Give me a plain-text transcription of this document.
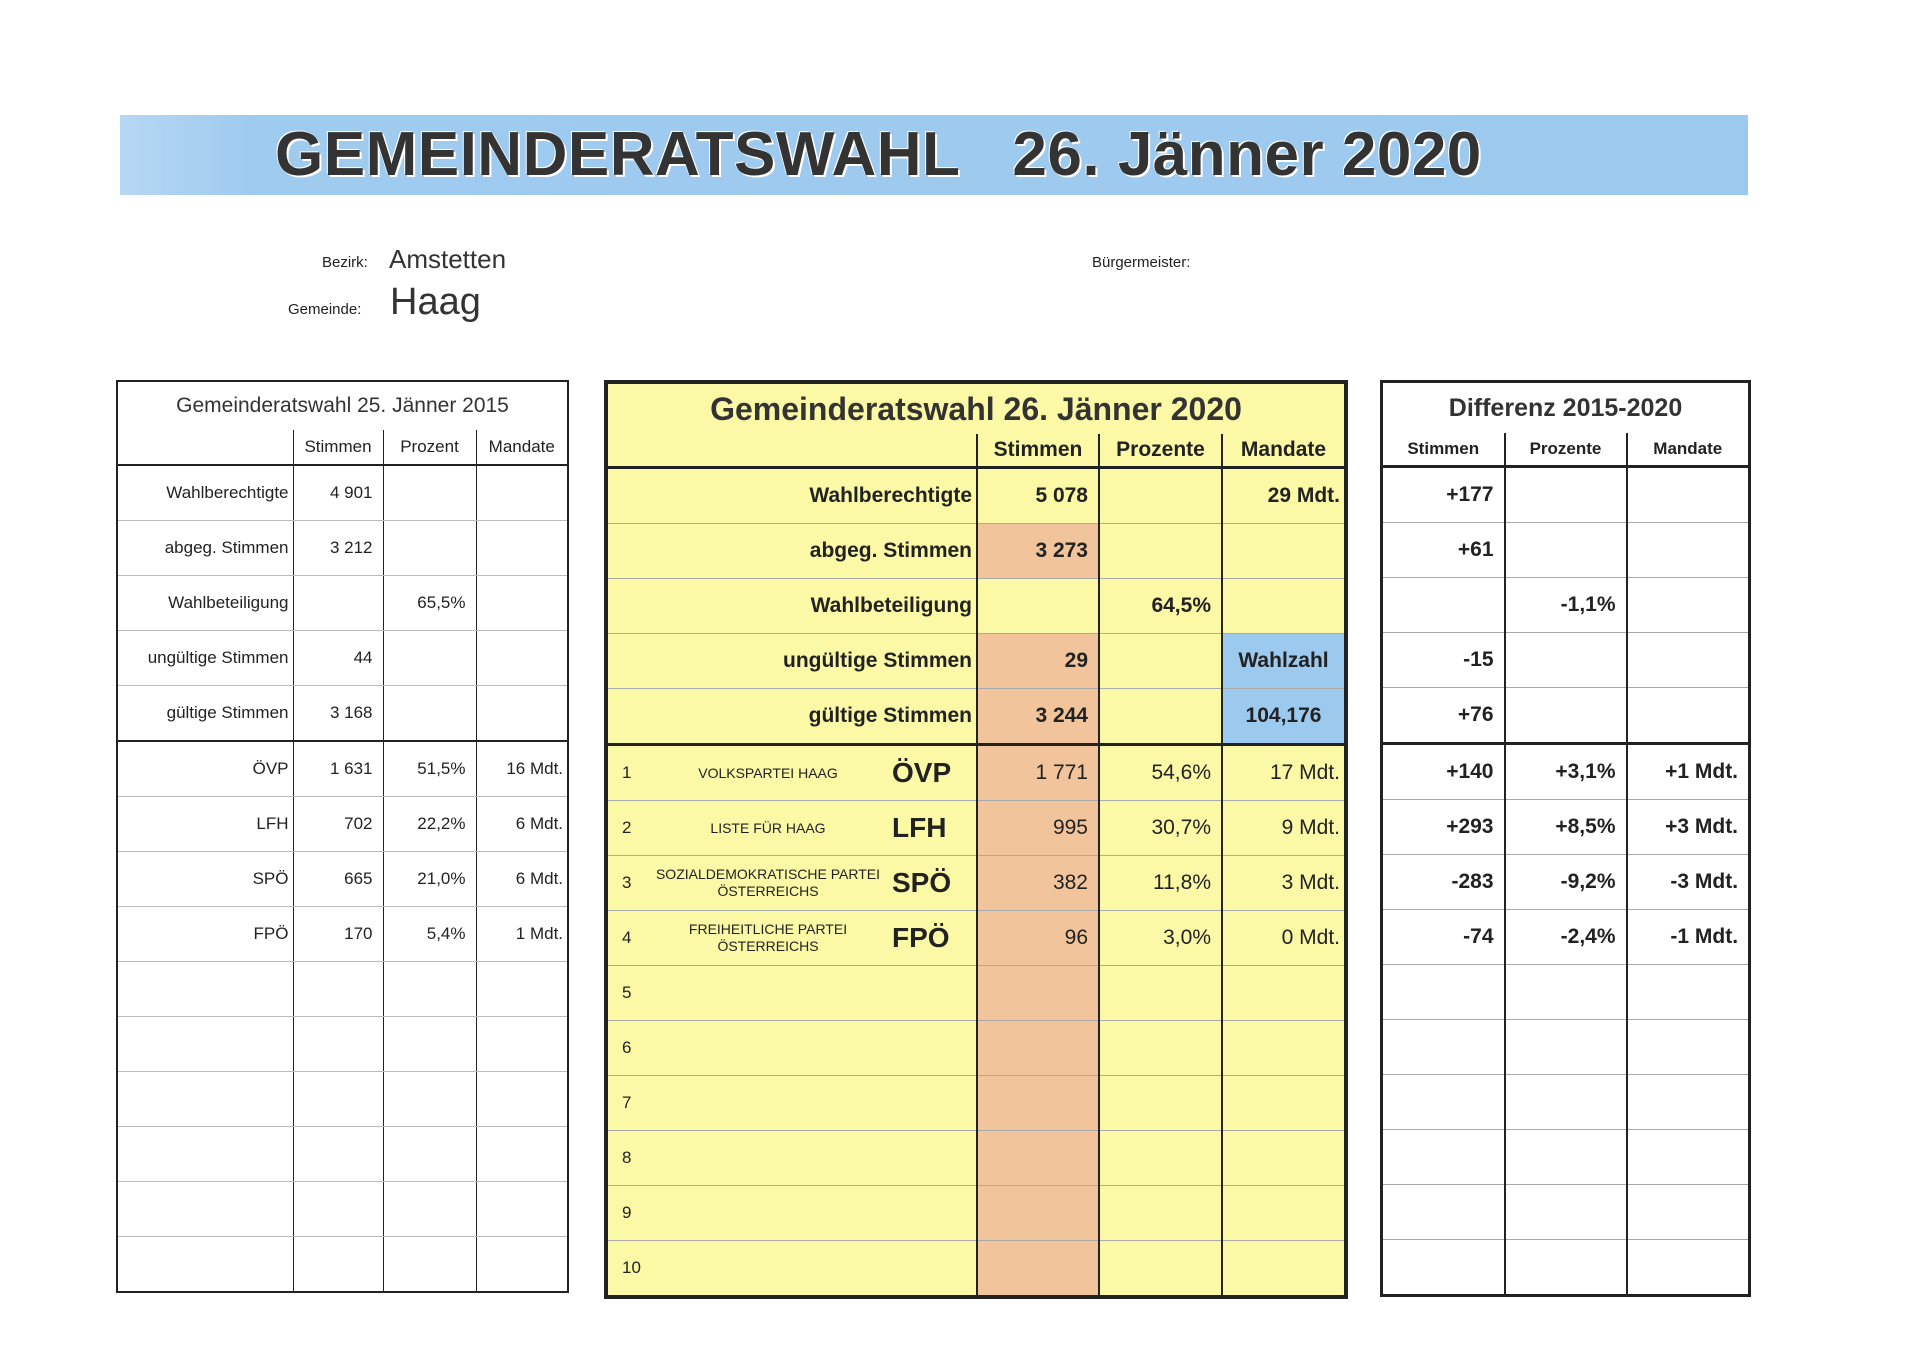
GEMEINDERATSWAHL 26. Jänner 2020
Bezirk: Amstetten
Gemeinde: Haag
Bürgermeister:
Gemeinderatswahl 25. Jänner 2015			
	Stimmen	Prozent	Mandate
Wahlberechtigte	4 901		
abgeg. Stimmen	3 212		
Wahlbeteiligung		65,5%	
ungültige Stimmen	44		
gültige Stimmen	3 168		
ÖVP	1 631	51,5%	16 Mdt.
LFH	702	22,2%	6 Mdt.
SPÖ	665	21,0%	6 Mdt.
FPÖ	170	5,4%	1 Mdt.

Gemeinderatswahl 26. Jänner 2020			
	Stimmen	Prozente	Mandate
Wahlberechtigte	5 078		29 Mdt.
abgeg. Stimmen	3 273		
Wahlbeteiligung		64,5%	
ungültige Stimmen	29		Wahlzahl
gültige Stimmen	3 244		104,176

1 VOLKSPARTEI HAAG ÖVP	1 771	54,6%	17 Mdt.

2 LISTE FÜR HAAG LFH	995	30,7%	9 Mdt.

3 SOZIALDEMOKRATISCHE PARTEI ÖSTERREICHS SPÖ	382	11,8%	3 Mdt.

4 FREIHEITLICHE PARTEI ÖSTERREICHS FPÖ	96	3,0%	0 Mdt.

5			

6			

7			

8			

9			

10			

Differenz 2015-2020		
Stimmen	Prozente	Mandate
+177		
+61		
	-1,1%	
-15		
+76		
+140	+3,1%	+1 Mdt.
+293	+8,5%	+3 Mdt.
-283	-9,2%	-3 Mdt.
-74	-2,4%	-1 Mdt.
